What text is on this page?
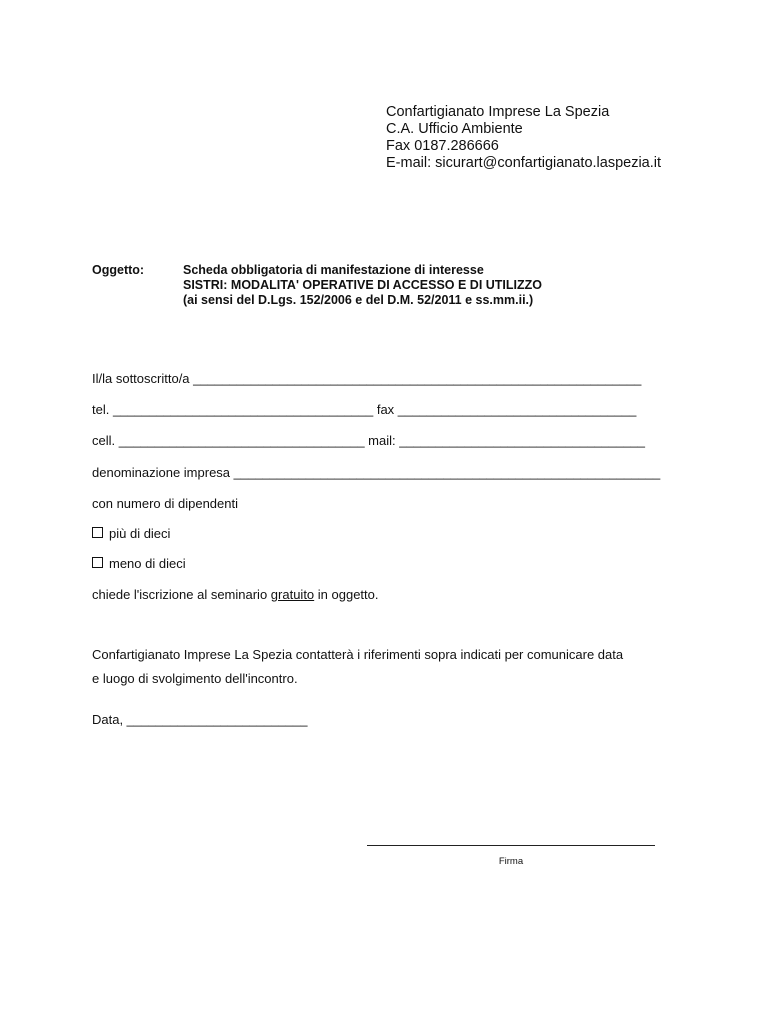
Confartigianato Imprese La Spezia
C.A. Ufficio Ambiente
Fax 0187.286666
E-mail: sicurart@confartigianato.laspezia.it
Oggetto:	Scheda obbligatoria di manifestazione di interesse
SISTRI: MODALITA' OPERATIVE DI ACCESSO E DI UTILIZZO
(ai sensi del D.Lgs. 152/2006 e del D.M. 52/2011 e ss.mm.ii.)
Il/la sottoscritto/a ______________________________________________________________
tel. ____________________________________ fax _________________________________
cell. __________________________________ mail: __________________________________
denominazione impresa ___________________________________________________________
con numero di dipendenti
più di dieci
meno di dieci
chiede l'iscrizione al seminario gratuito in oggetto.
Confartigianato Imprese La Spezia contatterà i riferimenti sopra indicati per comunicare data
e luogo di svolgimento dell'incontro.
Data, _________________________
Firma
